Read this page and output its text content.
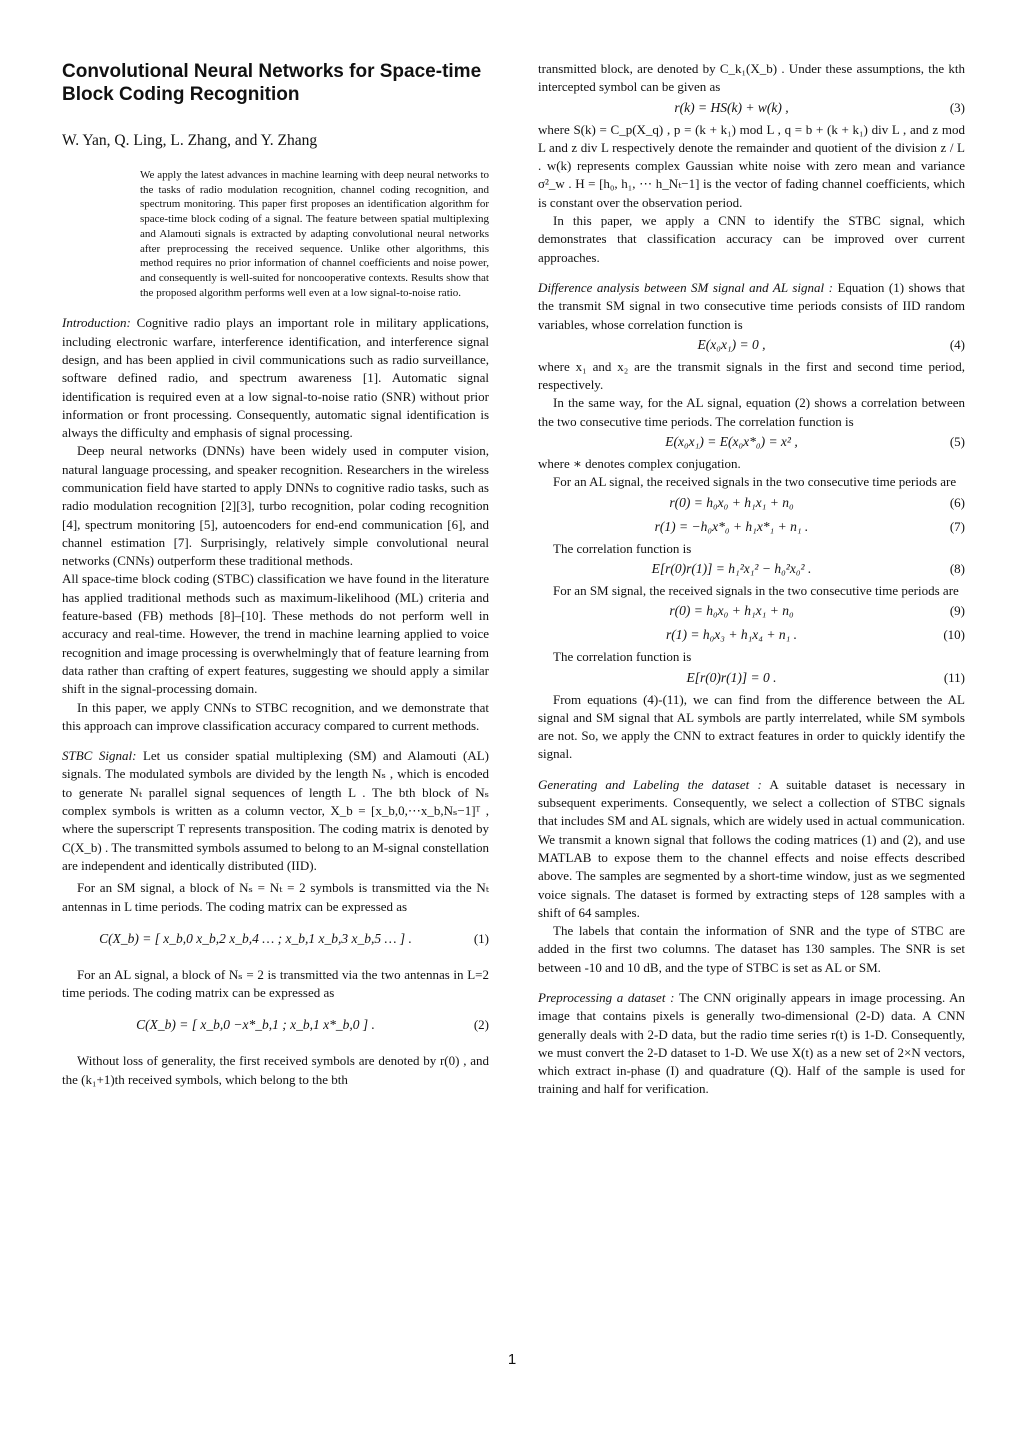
Convolutional Neural Networks for Space-time Block Coding Recognition
W. Yan, Q. Ling, L. Zhang, and Y. Zhang
We apply the latest advances in machine learning with deep neural networks to the tasks of radio modulation recognition, channel coding recognition, and spectrum monitoring. This paper first proposes an identification algorithm for space-time block coding of a signal. The feature between spatial multiplexing and Alamouti signals is extracted by adapting convolutional neural networks after preprocessing the received sequence. Unlike other algorithms, this method requires no prior information of channel coefficients and noise power, and consequently is well-suited for noncooperative contexts. Results show that the proposed algorithm performs well even at a low signal-to-noise ratio.

Introduction: Cognitive radio plays an important role in military applications, including electronic warfare, interference identification, and interference signal design, and has been applied in civil communications such as radio surveillance, software defined radio, and spectrum awareness [1]. Automatic signal identification is required even at a low signal-to-noise ratio (SNR) without prior information or front processing. Consequently, automatic signal identification is always the difficulty and emphasis of signal processing.

Deep neural networks (DNNs) have been widely used in computer vision, natural language processing, and speaker recognition. Researchers in the wireless communication field have started to apply DNNs to cognitive radio tasks, such as radio modulation recognition [2][3], turbo recognition, polar coding recognition [4], spectrum monitoring [5], autoencoders for end-end communication [6], and channel estimation [7]. Surprisingly, relatively simple convolutional neural networks (CNNs) outperform these traditional methods.

All space-time block coding (STBC) classification we have found in the literature has applied traditional methods such as maximum-likelihood (ML) criteria and feature-based (FB) methods [8]–[10]. These methods do not perform well in accuracy and real-time. However, the trend in machine learning applied to voice recognition and image processing is overwhelmingly that of feature learning from data rather than crafting of expert features, suggesting we should apply a similar shift in the signal-processing domain.

In this paper, we apply CNNs to STBC recognition, and we demonstrate that this approach can improve classification accuracy compared to current methods.

STBC Signal: Let us consider spatial multiplexing (SM) and Alamouti (AL) signals. The modulated symbols are divided by the length Nₛ , which is encoded to generate Nₜ parallel signal sequences of length L . The bth block of Nₛ complex symbols is written as a column vector, X_b = [x_b,0,⋯x_b,Nₛ−1]ᵀ , where the superscript T represents transposition. The coding matrix is denoted by C(X_b) . The transmitted symbols assumed to belong to an M-signal constellation are independent and identically distributed (IID).

For an SM signal, a block of Nₛ = Nₜ = 2 symbols is transmitted via the Nₜ antennas in L time periods. The coding matrix can be expressed as

C(X_b) = [ x_b,0 x_b,2 x_b,4 … ; x_b,1 x_b,3 x_b,5 … ] .	(1)

For an AL signal, a block of Nₛ = 2 is transmitted via the two antennas in L=2 time periods. The coding matrix can be expressed as

C(X_b) = [ x_b,0 −x*_b,1 ; x_b,1 x*_b,0 ] .	(2)

Without loss of generality, the first received symbols are denoted by r(0) , and the (k₁+1)th received symbols, which belong to the bth

transmitted block, are denoted by C_k₁(X_b) . Under these assumptions, the kth intercepted symbol can be given as

r(k) = HS(k) + w(k) ,	(3)

where S(k) = C_p(X_q) , p = (k + k₁) mod L , q = b + (k + k₁) div L , and z mod L and z div L respectively denote the remainder and quotient of the division z / L . w(k) represents complex Gaussian white noise with zero mean and variance σ²_w . H = [h₀, h₁, ⋯ h_Nₜ−1] is the vector of fading channel coefficients, which is constant over the observation period.

In this paper, we apply a CNN to identify the STBC signal, which demonstrates that classification accuracy can be improved over current approaches.

Difference analysis between SM signal and AL signal : Equation (1) shows that the transmit SM signal in two consecutive time periods consists of IID random variables, whose correlation function is

E(x₀x₁) = 0 ,	(4)

where x₁ and x₂ are the transmit signals in the first and second time period, respectively.

In the same way, for the AL signal, equation (2) shows a correlation between the two consecutive time periods. The correlation function is

E(x₀x₁) = E(x₀x*₀) = x² ,	(5)

where ∗ denotes complex conjugation.

For an AL signal, the received signals in the two consecutive time periods are

r(0) = h₀x₀ + h₁x₁ + n₀	(6)
r(1) = −h₀x*₀ + h₁x*₁ + n₁ .	(7)

The correlation function is

E[r(0)r(1)] = h₁²x₁² − h₀²x₀² .	(8)

For an SM signal, the received signals in the two consecutive time periods are

r(0) = h₀x₀ + h₁x₁ + n₀	(9)
r(1) = h₀x₃ + h₁x₄ + n₁ .	(10)

The correlation function is

E[r(0)r(1)] = 0 .	(11)

From equations (4)-(11), we can find from the difference between the AL signal and SM signal that AL symbols are partly interrelated, while SM symbols are not. So, we apply the CNN to extract features in order to quickly identify the signal.

Generating and Labeling the dataset : A suitable dataset is necessary in subsequent experiments. Consequently, we select a collection of STBC signals that includes SM and AL signals, which are widely used in actual communication. We transmit a known signal that follows the coding matrices (1) and (2), and use MATLAB to expose them to the channel effects and noise effects described above. The samples are segmented by a short-time window, just as we segmented voice signals. The dataset is formed by extracting steps of 128 samples with a shift of 64 samples.

The labels that contain the information of SNR and the type of STBC are added in the first two columns. The dataset has 130 samples. The SNR is set between -10 and 10 dB, and the type of STBC is set as AL or SM.

Preprocessing a dataset : The CNN originally appears in image processing. An image that contains pixels is generally two-dimensional (2-D) data. A CNN generally deals with 2-D data, but the radio time series r(t) is 1-D. Consequently, we must convert the 2-D dataset to 1-D. We use X(t) as a new set of 2×N vectors, which extract in-phase (I) and quadrature (Q). Half of the sample is used for training and half for verification.

1
